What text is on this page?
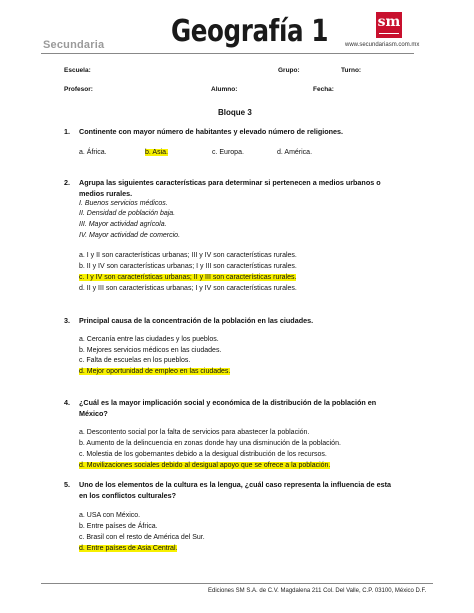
Secundaria Geografía 1	sm
www.secundariasm.com.mx
Escuela:	Grupo:	Turno:
Profesor:	Alumno:	Fecha:
Bloque 3
1.	Continente con mayor número de habitantes y elevado número de religiones.
a. África.	b. Asia.	c. Europa.	d. América.
2.	Agrupa las siguientes características para determinar si pertenecen a medios urbanos o medios rurales.
I. Buenos servicios médicos.
II. Densidad de población baja.
III. Mayor actividad agrícola.
IV. Mayor actividad de comercio.
a. I y II son características urbanas; III y IV son características rurales.
b. II y IV son características urbanas; I y III son características rurales.
c. I y IV son características urbanas; II y III son características rurales.
d. II y III son características urbanas; I y IV son características rurales.
3.	Principal causa de la concentración de la población en las ciudades.
a. Cercanía entre las ciudades y los pueblos.
b. Mejores servicios médicos en las ciudades.
c. Falta de escuelas en los pueblos.
d. Mejor oportunidad de empleo en las ciudades.
4.	¿Cuál es la mayor implicación social y económica de la distribución de la población en México?
a. Descontento social por la falta de servicios para abastecer la población.
b. Aumento de la delincuencia en zonas donde hay una disminución de la población.
c. Molestia de los gobernantes debido a la desigual distribución de los recursos.
d. Movilizaciones sociales debido al desigual apoyo que se ofrece a la población.
5.	Uno de los elementos de la cultura es la lengua, ¿cuál caso representa la influencia de esta en los conflictos culturales?
a. USA con México.
b. Entre países de África.
c. Brasil con el resto de América del Sur.
d. Entre países de Asia Central.
Ediciones SM S.A. de C.V. Magdalena 211 Col. Del Valle, C.P. 03100, México D.F.
